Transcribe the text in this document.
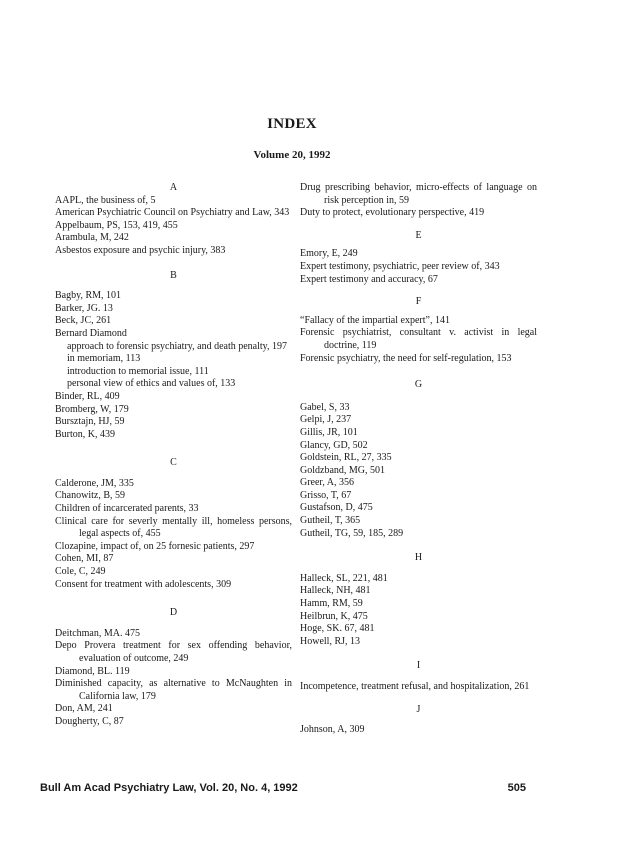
INDEX
Volume 20, 1992

A

AAPL, the business of, 5

American Psychiatric Council on Psychiatry and Law, 343

Appelbaum, PS, 153, 419, 455

Arambula, M, 242

Asbestos exposure and psychic injury, 383

B

Bagby, RM, 101

Barker, JG. 13

Beck, JC, 261

Bernard Diamond

approach to forensic psychiatry, and death penalty, 197

in memoriam, 113

introduction to memorial issue, 111

personal view of ethics and values of, 133

Binder, RL, 409

Bromberg, W, 179

Bursztajn, HJ, 59

Burton, K, 439

C

Calderone, JM, 335

Chanowitz, B, 59

Children of incarcerated parents, 33

Clinical care for severly mentally ill, homeless persons, legal aspects of, 455

Clozapine, impact of, on 25 fornesic patients, 297

Cohen, MI, 87

Cole, C, 249

Consent for treatment with adolescents, 309

D

Deitchman, MA. 475

Depo Provera treatment for sex offending behavior, evaluation of outcome, 249

Diamond, BL. 119

Diminished capacity, as alternative to McNaughten in California law, 179

Don, AM, 241

Dougherty, C, 87

Drug prescribing behavior, micro-effects of language on risk perception in, 59

Duty to protect, evolutionary perspective, 419

E

Emory, E, 249

Expert testimony, psychiatric, peer review of, 343

Expert testimony and accuracy, 67

F

“Fallacy of the impartial expert”, 141

Forensic psychiatrist, consultant v. activist in legal doctrine, 119

Forensic psychiatry, the need for self-regulation, 153

G

Gabel, S, 33

Gelpi, J, 237

Gillis, JR, 101

Glancy, GD, 502

Goldstein, RL, 27, 335

Goldzband, MG, 501

Greer, A, 356

Grisso, T, 67

Gustafson, D, 475

Gutheil, T, 365

Gutheil, TG, 59, 185, 289

H

Halleck, SL, 221, 481

Halleck, NH, 481

Hamm, RM, 59

Heilbrun, K, 475

Hoge, SK. 67, 481

Howell, RJ, 13

I

Incompetence, treatment refusal, and hospitalization, 261

J

Johnson, A, 309

Bull Am Acad Psychiatry Law, Vol. 20, No. 4, 1992	505
